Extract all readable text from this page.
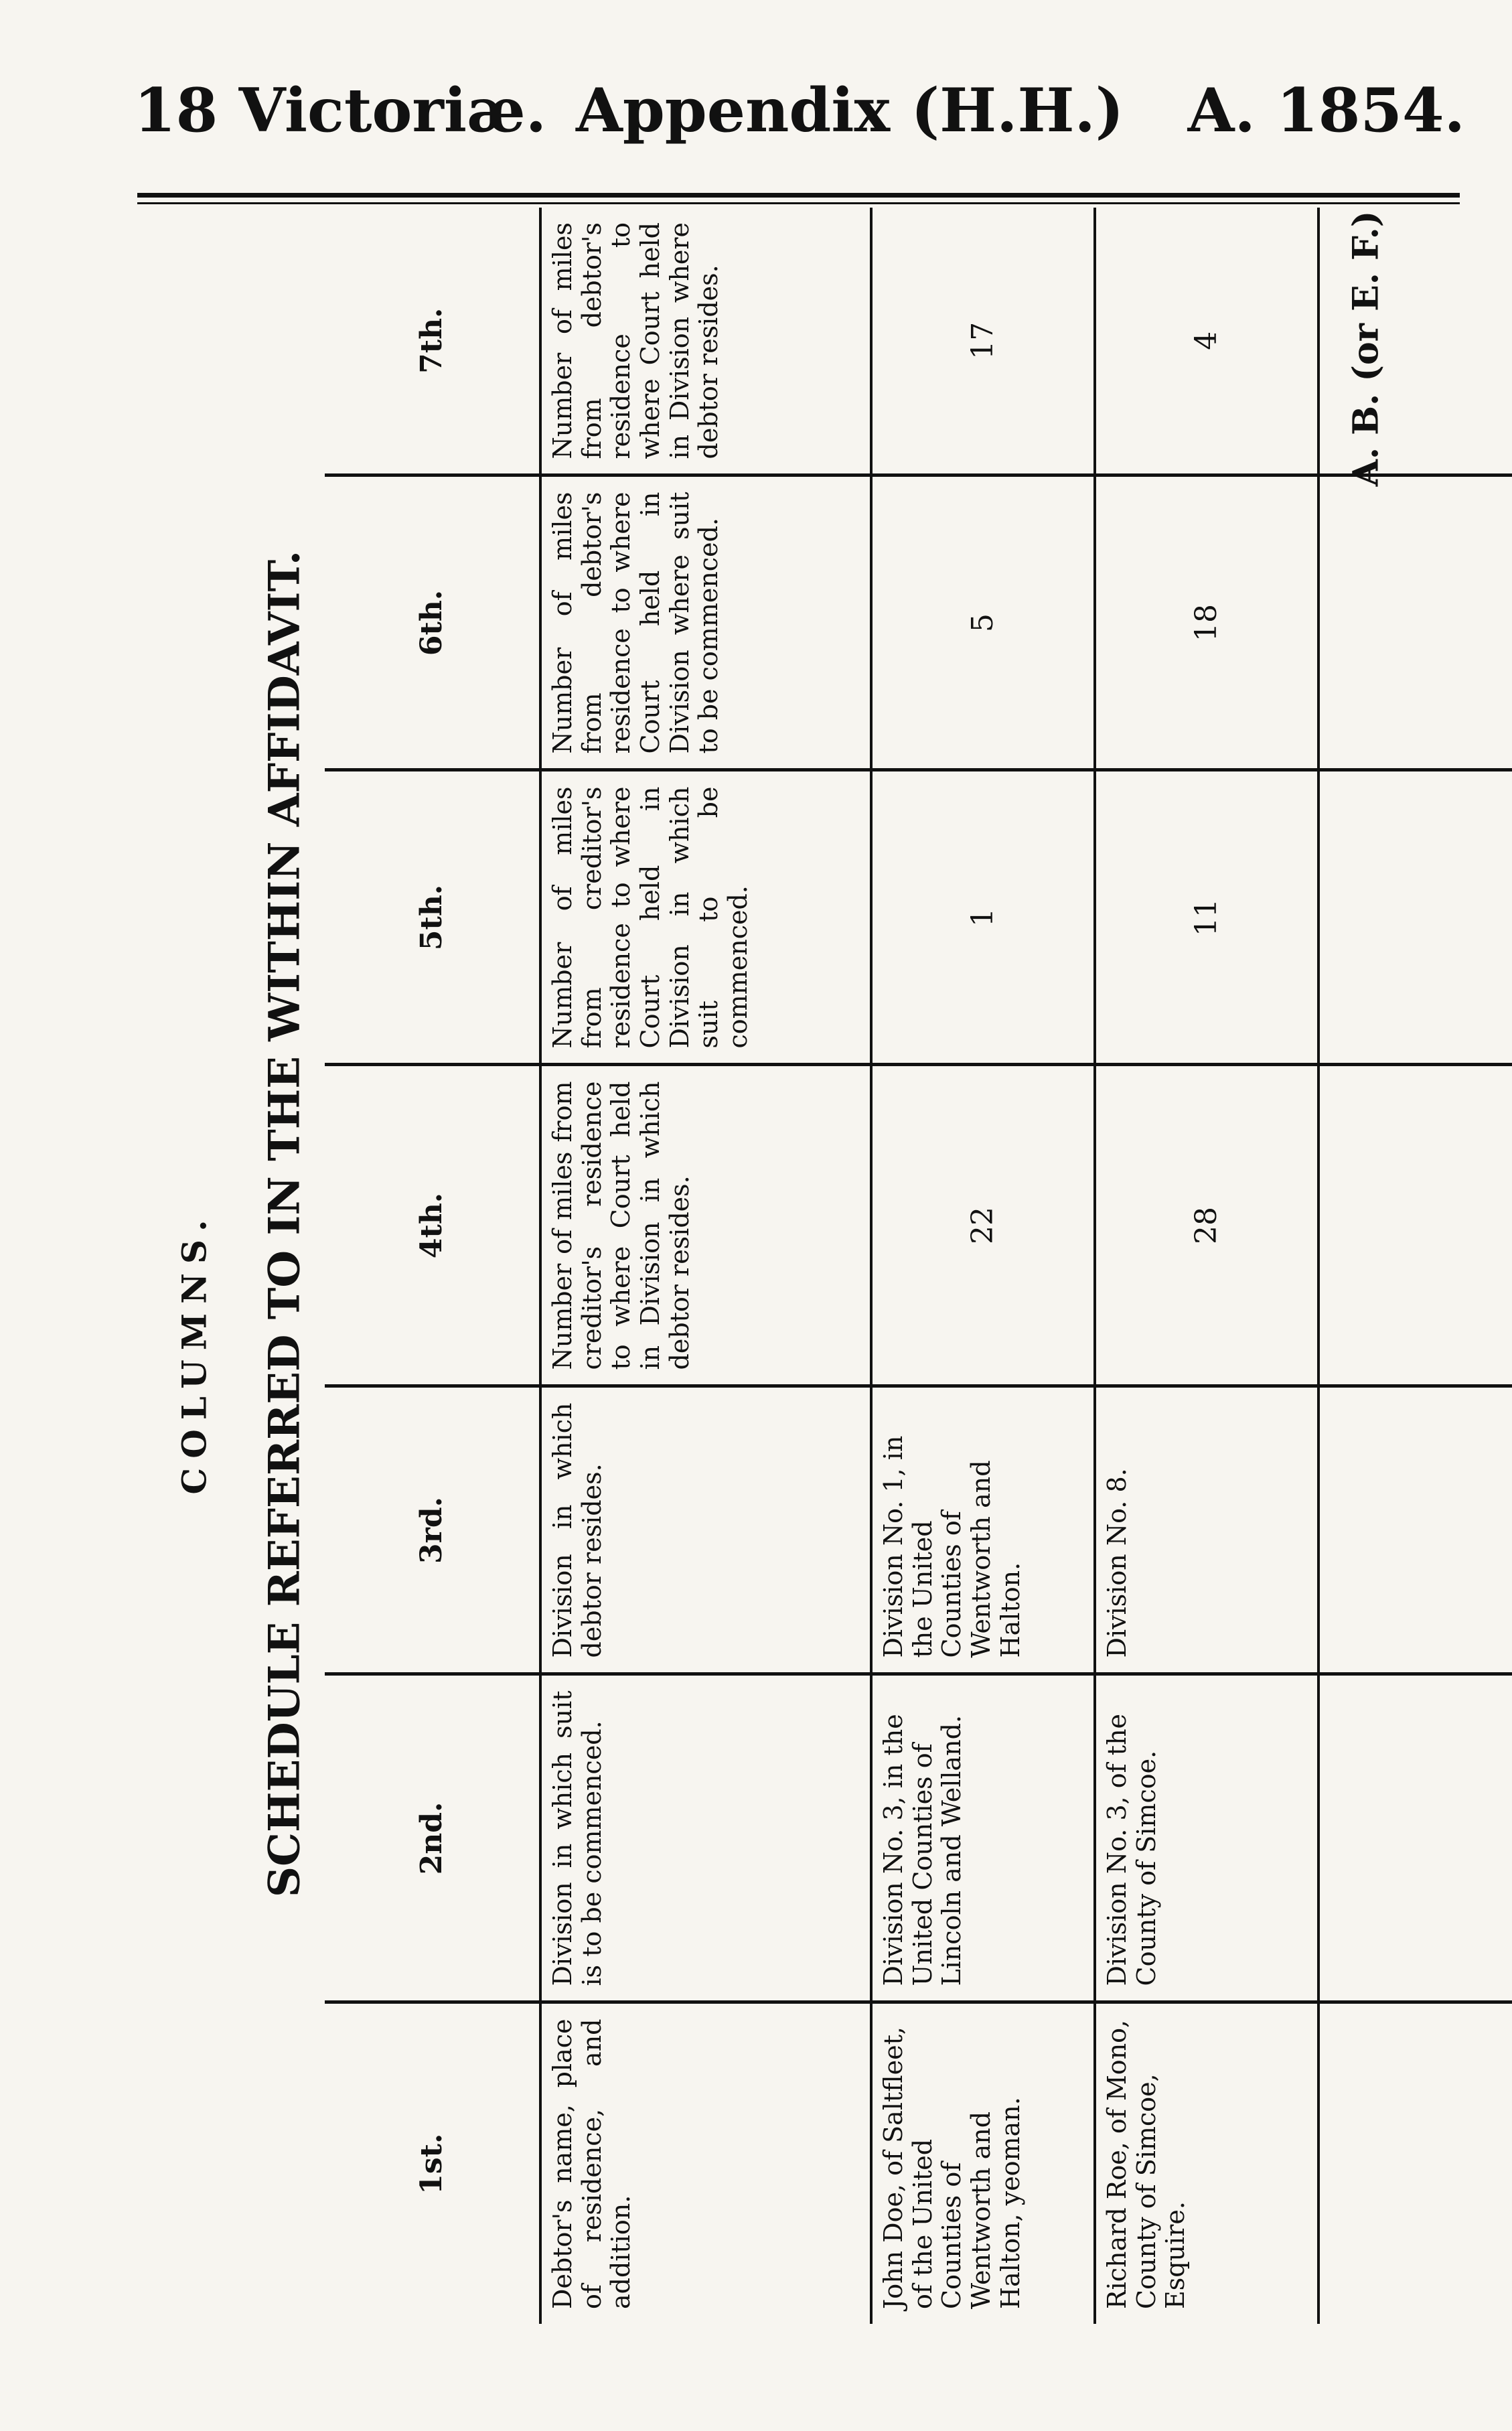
18 Victoriæ. Appendix (H.H.) A. 1854.
SCHEDULE REFERRED TO IN THE WITHIN AFFIDAVIT.
COLUMNS.
A. B. (or E. F.)
1st.	2nd.	3rd.	4th.	5th.	6th.	7th.
Debtor's name, place of residence, and addition.	Division in which suit is to be commenced.	Division in which debtor resides.	Number of miles from creditor's residence to where Court held in Division in which debtor resides.	Number of miles from creditor's residence to where Court held in Division in which suit to be commenced.	Number of miles from debtor's residence to where Court held in Division where suit to be commenced.	Number of miles from debtor's residence to where Court held in Division where debtor resides.
John Doe, of Saltfleet, of the United Counties of Wentworth and Halton, yeoman.	Division No. 3, in the United Counties of Lincoln and Welland.	Division No. 1, in the United Counties of Wentworth and Halton.	22	1	5	17
Richard Roe, of Mono, County of Simcoe, Esquire.	Division No. 3, of the County of Simcoe.	Division No. 8.	28	11	18	4
